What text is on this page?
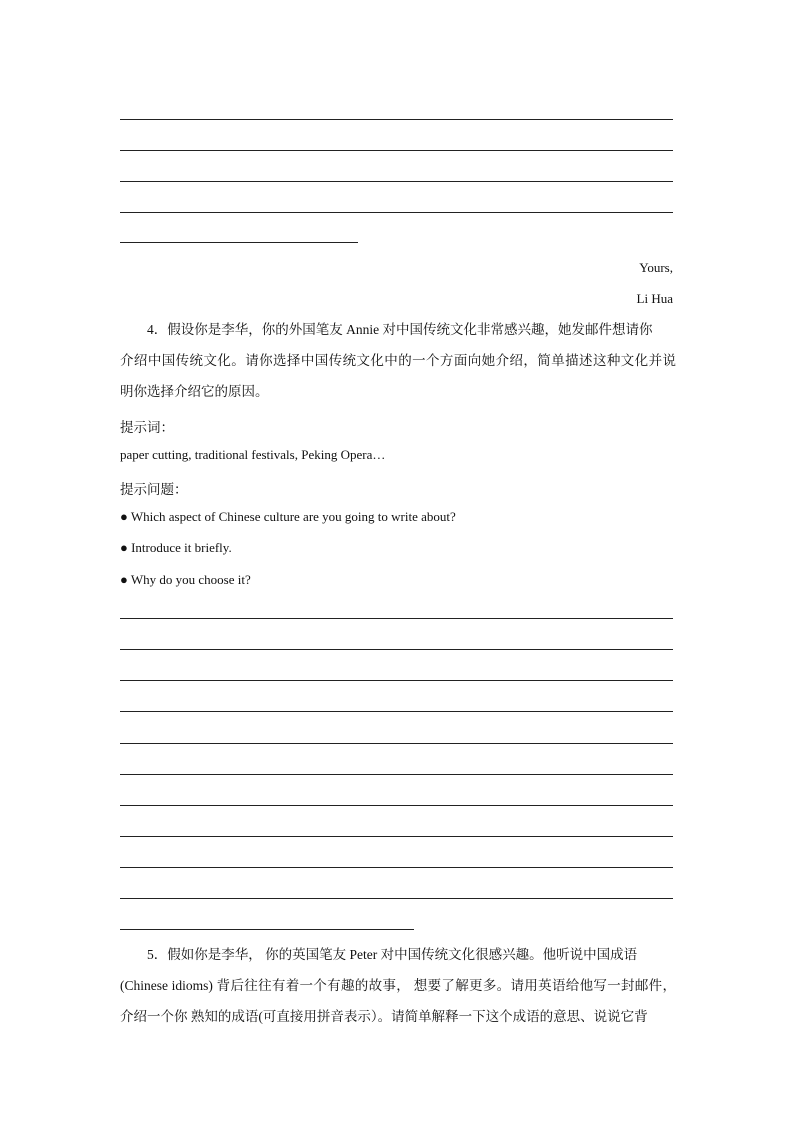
Yours,
Li Hua
4．假设你是李华，你的外国笔友 Annie 对中国传统文化非常感兴趣，她发邮件想请你
介绍中国传统文化。请你选择中国传统文化中的一个方面向她介绍，简单描述这种文化并说
明你选择介绍它的原因。
提示词：
paper cutting, traditional festivals, Peking Opera…
提示问题：
● Which aspect of Chinese culture are you going to write about?
● Introduce it briefly.
● Why do you choose it?
5．假如你是李华， 你的英国笔友 Peter 对中国传统文化很感兴趣。他听说中国成语
(Chinese idioms) 背后往往有着一个有趣的故事， 想要了解更多。请用英语给他写一封邮件，
介绍一个你 熟知的成语(可直接用拼音表示）。请简单解释一下这个成语的意思、说说它背
